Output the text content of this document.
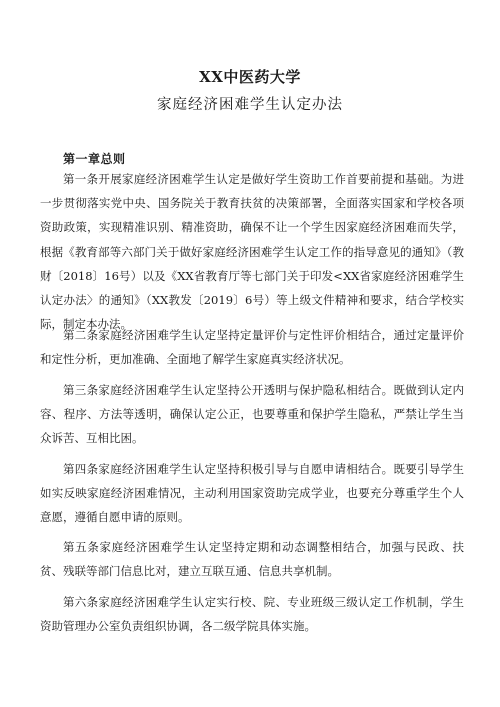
XX中医药大学
家庭经济困难学生认定办法
第一章总则
第一条开展家庭经济困难学生认定是做好学生资助工作首要前提和基础。为进一步贯彻落实党中央、国务院关于教育扶贫的决策部署，全面落实国家和学校各项资助政策，实现精准识别、精准资助，确保不让一个学生因家庭经济困难而失学，根据《教育部等六部门关于做好家庭经济困难学生认定工作的指导意见的通知》（教财〔2018〕16号）以及《XX省教育厅等七部门关于印发<XX省家庭经济困难学生认定办法〉的通知》（XX教发〔2019〕6号）等上级文件精神和要求，结合学校实际，制定本办法。
第二条家庭经济困难学生认定坚持定量评价与定性评价相结合，通过定量评价和定性分析，更加准确、全面地了解学生家庭真实经济状况。
第三条家庭经济困难学生认定坚持公开透明与保护隐私相结合。既做到认定内容、程序、方法等透明，确保认定公正，也要尊重和保护学生隐私，严禁让学生当众诉苦、互相比困。
第四条家庭经济困难学生认定坚持积极引导与自愿申请相结合。既要引导学生如实反映家庭经济困难情况，主动利用国家资助完成学业，也要充分尊重学生个人意愿，遵循自愿申请的原则。
第五条家庭经济困难学生认定坚持定期和动态调整相结合，加强与民政、扶贫、残联等部门信息比对，建立互联互通、信息共享机制。
第六条家庭经济困难学生认定实行校、院、专业班级三级认定工作机制，学生资助管理办公室负责组织协调，各二级学院具体实施。
